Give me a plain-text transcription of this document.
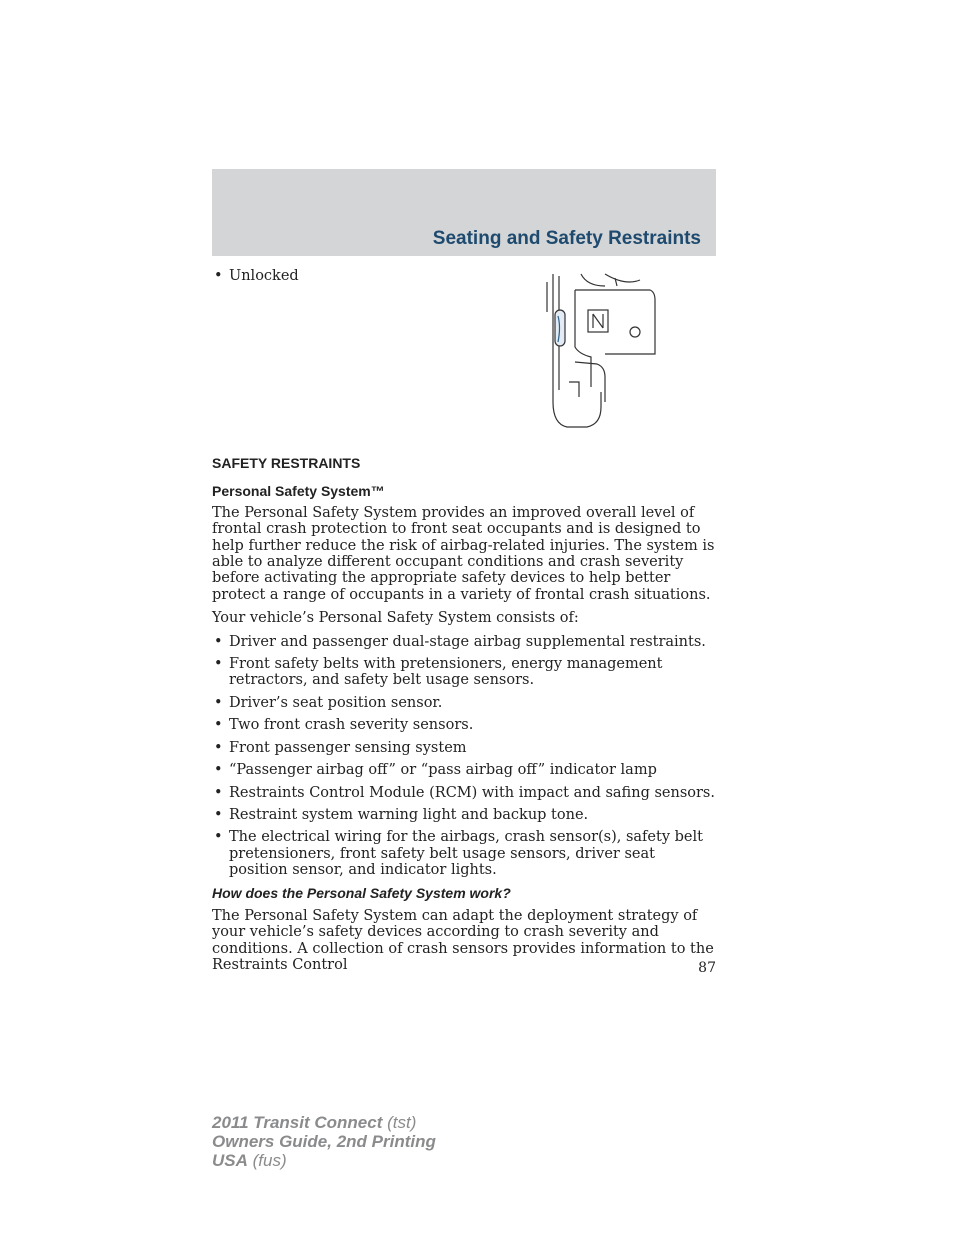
Seating and Safety Restraints
• Unlocked
SAFETY RESTRAINTS
Personal Safety System™

The Personal Safety System provides an improved overall level of frontal crash protection to front seat occupants and is designed to help further reduce the risk of airbag-related injuries. The system is able to analyze different occupant conditions and crash severity before activating the appropriate safety devices to help better protect a range of occupants in a variety of frontal crash situations.

Your vehicle’s Personal Safety System consists of:

• Driver and passenger dual-stage airbag supplemental restraints.
• Front safety belts with pretensioners, energy management retractors, and safety belt usage sensors.
• Driver’s seat position sensor.
• Two front crash severity sensors.
• Front passenger sensing system
• “Passenger airbag off” or “pass airbag off” indicator lamp
• Restraints Control Module (RCM) with impact and safing sensors.
• Restraint system warning light and backup tone.
• The electrical wiring for the airbags, crash sensor(s), safety belt pretensioners, front safety belt usage sensors, driver seat position sensor, and indicator lights.
How does the Personal Safety System work?

The Personal Safety System can adapt the deployment strategy of your vehicle’s safety devices according to crash severity and conditions. A collection of crash sensors provides information to the Restraints Control	87
2011 Transit Connect (tst)
Owners Guide, 2nd Printing
USA (fus)
